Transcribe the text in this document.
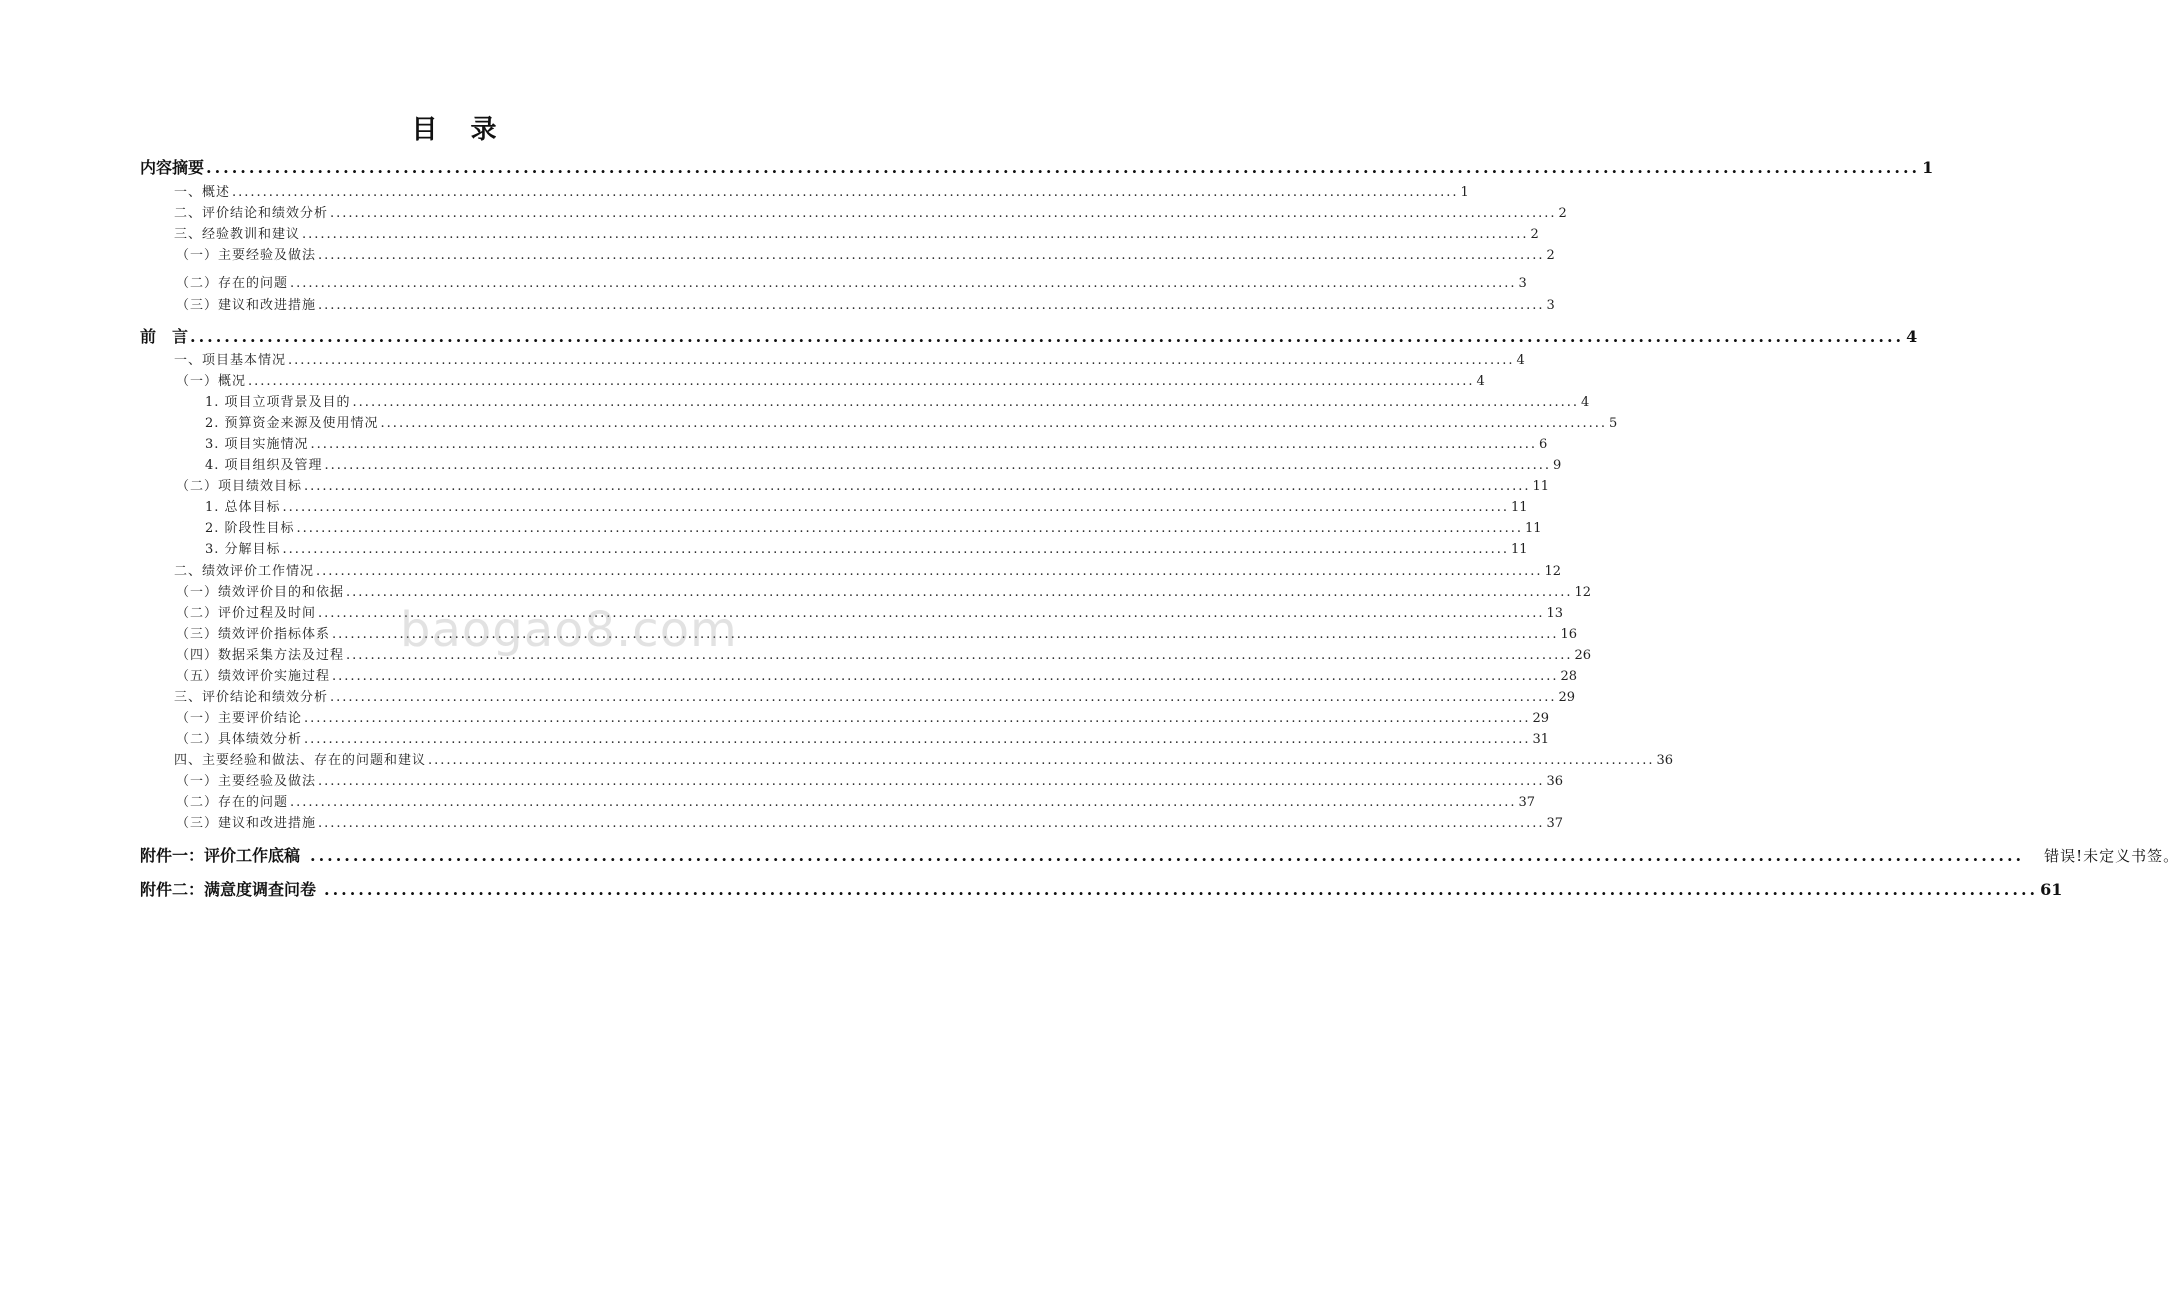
目 录
内容摘要 ........................................................................................................................................................................................................ 1
一、概述 ........................................................................................................................................................................................................ 1
二、评价结论和绩效分析 ........................................................................................................................................................................................................ 2
三、经验教训和建议 ........................................................................................................................................................................................................ 2
（一）主要经验及做法 ........................................................................................................................................................................................................ 2
（二）存在的问题 ........................................................................................................................................................................................................ 3
（三）建议和改进措施 ........................................................................................................................................................................................................ 3
前　言 ........................................................................................................................................................................................................ 4
一、项目基本情况 ........................................................................................................................................................................................................ 4
（一）概况 ........................................................................................................................................................................................................ 4
1. 项目立项背景及目的 ........................................................................................................................................................................................................ 4
2. 预算资金来源及使用情况 ........................................................................................................................................................................................................ 5
3. 项目实施情况 ........................................................................................................................................................................................................ 6
4. 项目组织及管理 ........................................................................................................................................................................................................ 9
（二）项目绩效目标 ........................................................................................................................................................................................................ 11
1. 总体目标 ........................................................................................................................................................................................................ 11
2. 阶段性目标 ........................................................................................................................................................................................................ 11
3. 分解目标 ........................................................................................................................................................................................................ 11
二、绩效评价工作情况 ........................................................................................................................................................................................................ 12
（一）绩效评价目的和依据 ........................................................................................................................................................................................................ 12
（二）评价过程及时间 ........................................................................................................................................................................................................ 13
（三）绩效评价指标体系 ........................................................................................................................................................................................................ 16
（四）数据采集方法及过程 ........................................................................................................................................................................................................ 26
（五）绩效评价实施过程 ........................................................................................................................................................................................................ 28
三、评价结论和绩效分析 ........................................................................................................................................................................................................ 29
（一）主要评价结论 ........................................................................................................................................................................................................ 29
（二）具体绩效分析 ........................................................................................................................................................................................................ 31
四、主要经验和做法、存在的问题和建议 ........................................................................................................................................................................................................ 36
（一）主要经验及做法 ........................................................................................................................................................................................................ 36
（二）存在的问题 ........................................................................................................................................................................................................ 37
（三）建议和改进措施 ........................................................................................................................................................................................................ 37
附件一：评价工作底稿 ........................................................................................................................................................................................................ 错误!未定义书签。
附件二：满意度调查问卷 ........................................................................................................................................................................................................ 61
baogao8.com
